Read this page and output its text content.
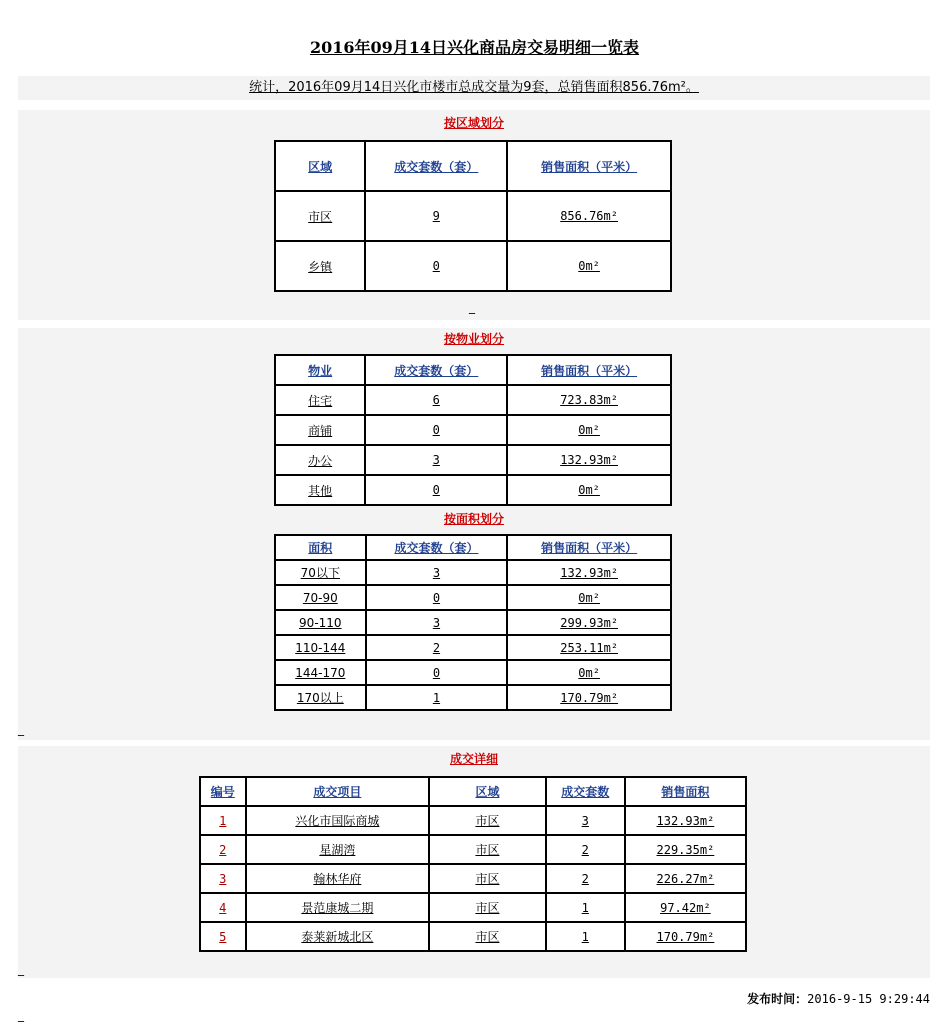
2016年09月14日兴化商品房交易明细一览表
统计，2016年09月14日兴化市楼市总成交量为9套，总销售面积856.76m²。
按区域划分
区域	成交套数（套）	销售面积（平米）
市区	9	856.76m²
乡镇	0	0m²
_
按物业划分
物业	成交套数（套）	销售面积（平米）
住宅	6	723.83m²
商铺	0	0m²
办公	3	132.93m²
其他	0	0m²
按面积划分
面积	成交套数（套）	销售面积（平米）
70以下	3	132.93m²
70-90	0	0m²
90-110	3	299.93m²
110-144	2	253.11m²
144-170	0	0m²
170以上	1	170.79m²
_
成交详细
编号	成交项目	区域	成交套数	销售面积
1	兴化市国际商城	市区	3	132.93m²
2	星湖湾	市区	2	229.35m²
3	翰林华府	市区	2	226.27m²
4	景范康城二期	市区	1	97.42m²
5	泰莱新城北区	市区	1	170.79m²
_
发布时间：2016-9-15 9:29:44
_
